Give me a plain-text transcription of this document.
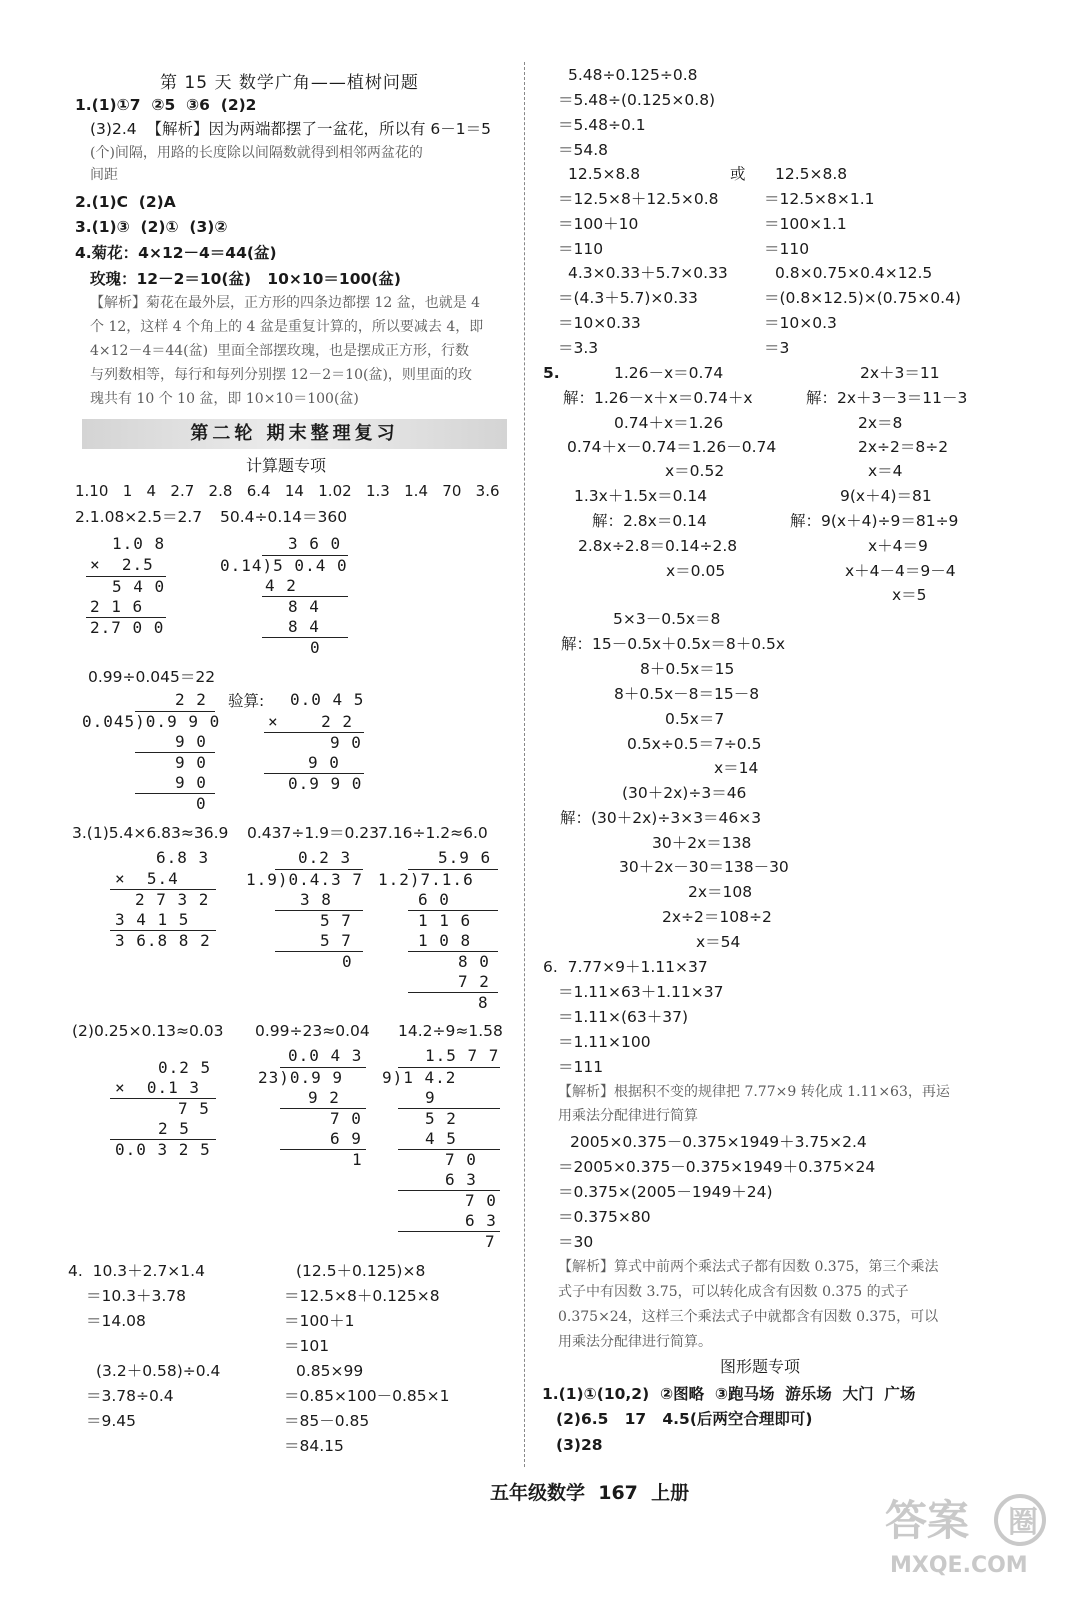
第 15 天 数学广角——植树问题
1.(1)①7  ②5  ③6  (2)2
(3)2.4  【解析】因为两端都摆了一盆花，所以有 6－1＝5
(个)间隔，用路的长度除以间隔数就得到相邻两盆花的
间距
2.(1)C  (2)A
3.(1)③  (2)①  (3)②
4.菊花：4×12－4＝44(盆)
玫瑰：12－2＝10(盆)   10×10＝100(盆)
【解析】菊花在最外层，正方形的四条边都摆 12 盆，也就是 4
个 12，这样 4 个角上的 4 盆是重复计算的，所以要减去 4，即
4×12－4＝44(盆)  里面全部摆玫瑰，也是摆成正方形，行数
与列数相等，每行和每列分别摆 12－2＝10(盆)，则里面的玫
瑰共有 10 个 10 盆，即 10×10＝100(盆)
第二轮 期末整理复习
计算题专项
1.10   1   4   2.7   2.8   6.4   14   1.02   1.3   1.4   70   3.6
2.1.08×2.5＝2.7 50.4÷0.14＝360
1.0 8
×  2.5
5 4 0
2 1 6
2.7 0 0
3 6 0
0.14)5 0.4 0
4 2
8 4
8 4
0
0.99÷0.045＝22
2 2
0.045)0.9 9 0
9 0
9 0
9 0
0
验算: 0.0 4 5
×    2 2
9 0
9 0
0.9 9 0
3.(1)5.4×6.83≈36.9 0.437÷1.9＝0.23
7.16÷1.2≈6.0
6.8 3
×  5.4
2 7 3 2
3 4 1 5
3 6.8 8 2
0.2 3
1.9)0.4.3 7
3 8
5 7
5 7
0
5.9 6
1.2)7.1.6
6 0
1 1 6
1 0 8
8 0
7 2
8
(2)0.25×0.13≈0.03 0.99÷23≈0.04 14.2÷9≈1.58
0.2 5
×  0.1 3
7 5
2 5
0.0 3 2 5
0.0 4 3
23)0.9 9
9 2
7 0
6 9
1
1.5 7 7
9)1 4.2
9
5 2
4 5
7 0
6 3
7 0
6 3
7
4.  10.3＋2.7×1.4
＝10.3＋3.78
＝14.08
(12.5＋0.125)×8
＝12.5×8＋0.125×8
＝100＋1
＝101
(3.2＋0.58)÷0.4
＝3.78÷0.4
＝9.45
0.85×99
＝0.85×100－0.85×1
＝85－0.85
＝84.15
5.48÷0.125÷0.8
＝5.48÷(0.125×0.8)
＝5.48÷0.1
＝54.8
12.5×8.8
＝12.5×8＋12.5×0.8
＝100＋10
＝110
或 12.5×8.8
＝12.5×8×1.1
＝100×1.1
＝110
4.3×0.33＋5.7×0.33
＝(4.3＋5.7)×0.33
＝10×0.33
＝3.3
0.8×0.75×0.4×12.5
＝(0.8×12.5)×(0.75×0.4)
＝10×0.3
＝3
5.	1.26－x＝0.74
解：1.26－x＋x＝0.74＋x
0.74＋x＝1.26
0.74＋x－0.74＝1.26－0.74
x＝0.52
2x＋3＝11
解：2x＋3－3＝11－3
2x＝8
2x÷2＝8÷2
x＝4
1.3x＋1.5x＝0.14
解：2.8x＝0.14
2.8x÷2.8＝0.14÷2.8
x＝0.05
9(x＋4)＝81
解：9(x＋4)÷9＝81÷9
x＋4＝9
x＋4－4＝9－4
x＝5
5×3－0.5x＝8
解：15－0.5x＋0.5x＝8＋0.5x
8＋0.5x＝15
8＋0.5x－8＝15－8
0.5x＝7
0.5x÷0.5＝7÷0.5
x＝14
(30＋2x)÷3＝46
解：(30＋2x)÷3×3＝46×3
30＋2x＝138
30＋2x－30＝138－30
2x＝108
2x÷2＝108÷2
x＝54
6.  7.77×9＋1.11×37
＝1.11×63＋1.11×37
＝1.11×(63＋37)
＝1.11×100
＝111
【解析】根据积不变的规律把 7.77×9 转化成 1.11×63，再运
用乘法分配律进行简算
2005×0.375－0.375×1949＋3.75×2.4
＝2005×0.375－0.375×1949＋0.375×24
＝0.375×(2005－1949＋24)
＝0.375×80
＝30
【解析】算式中前两个乘法式子都有因数 0.375，第三个乘法
式子中有因数 3.75，可以转化成含有因数 0.375 的式子
0.375×24，这样三个乘法式子中就都含有因数 0.375，可以
用乘法分配律进行简算。
图形题专项
1.(1)①(10,2)  ②图略  ③跑马场  游乐场  大门  广场
(2)6.5   17   4.5(后两空合理即可)
(3)28
五年级数学  167  上册
答案 圈
MXQE.COM
